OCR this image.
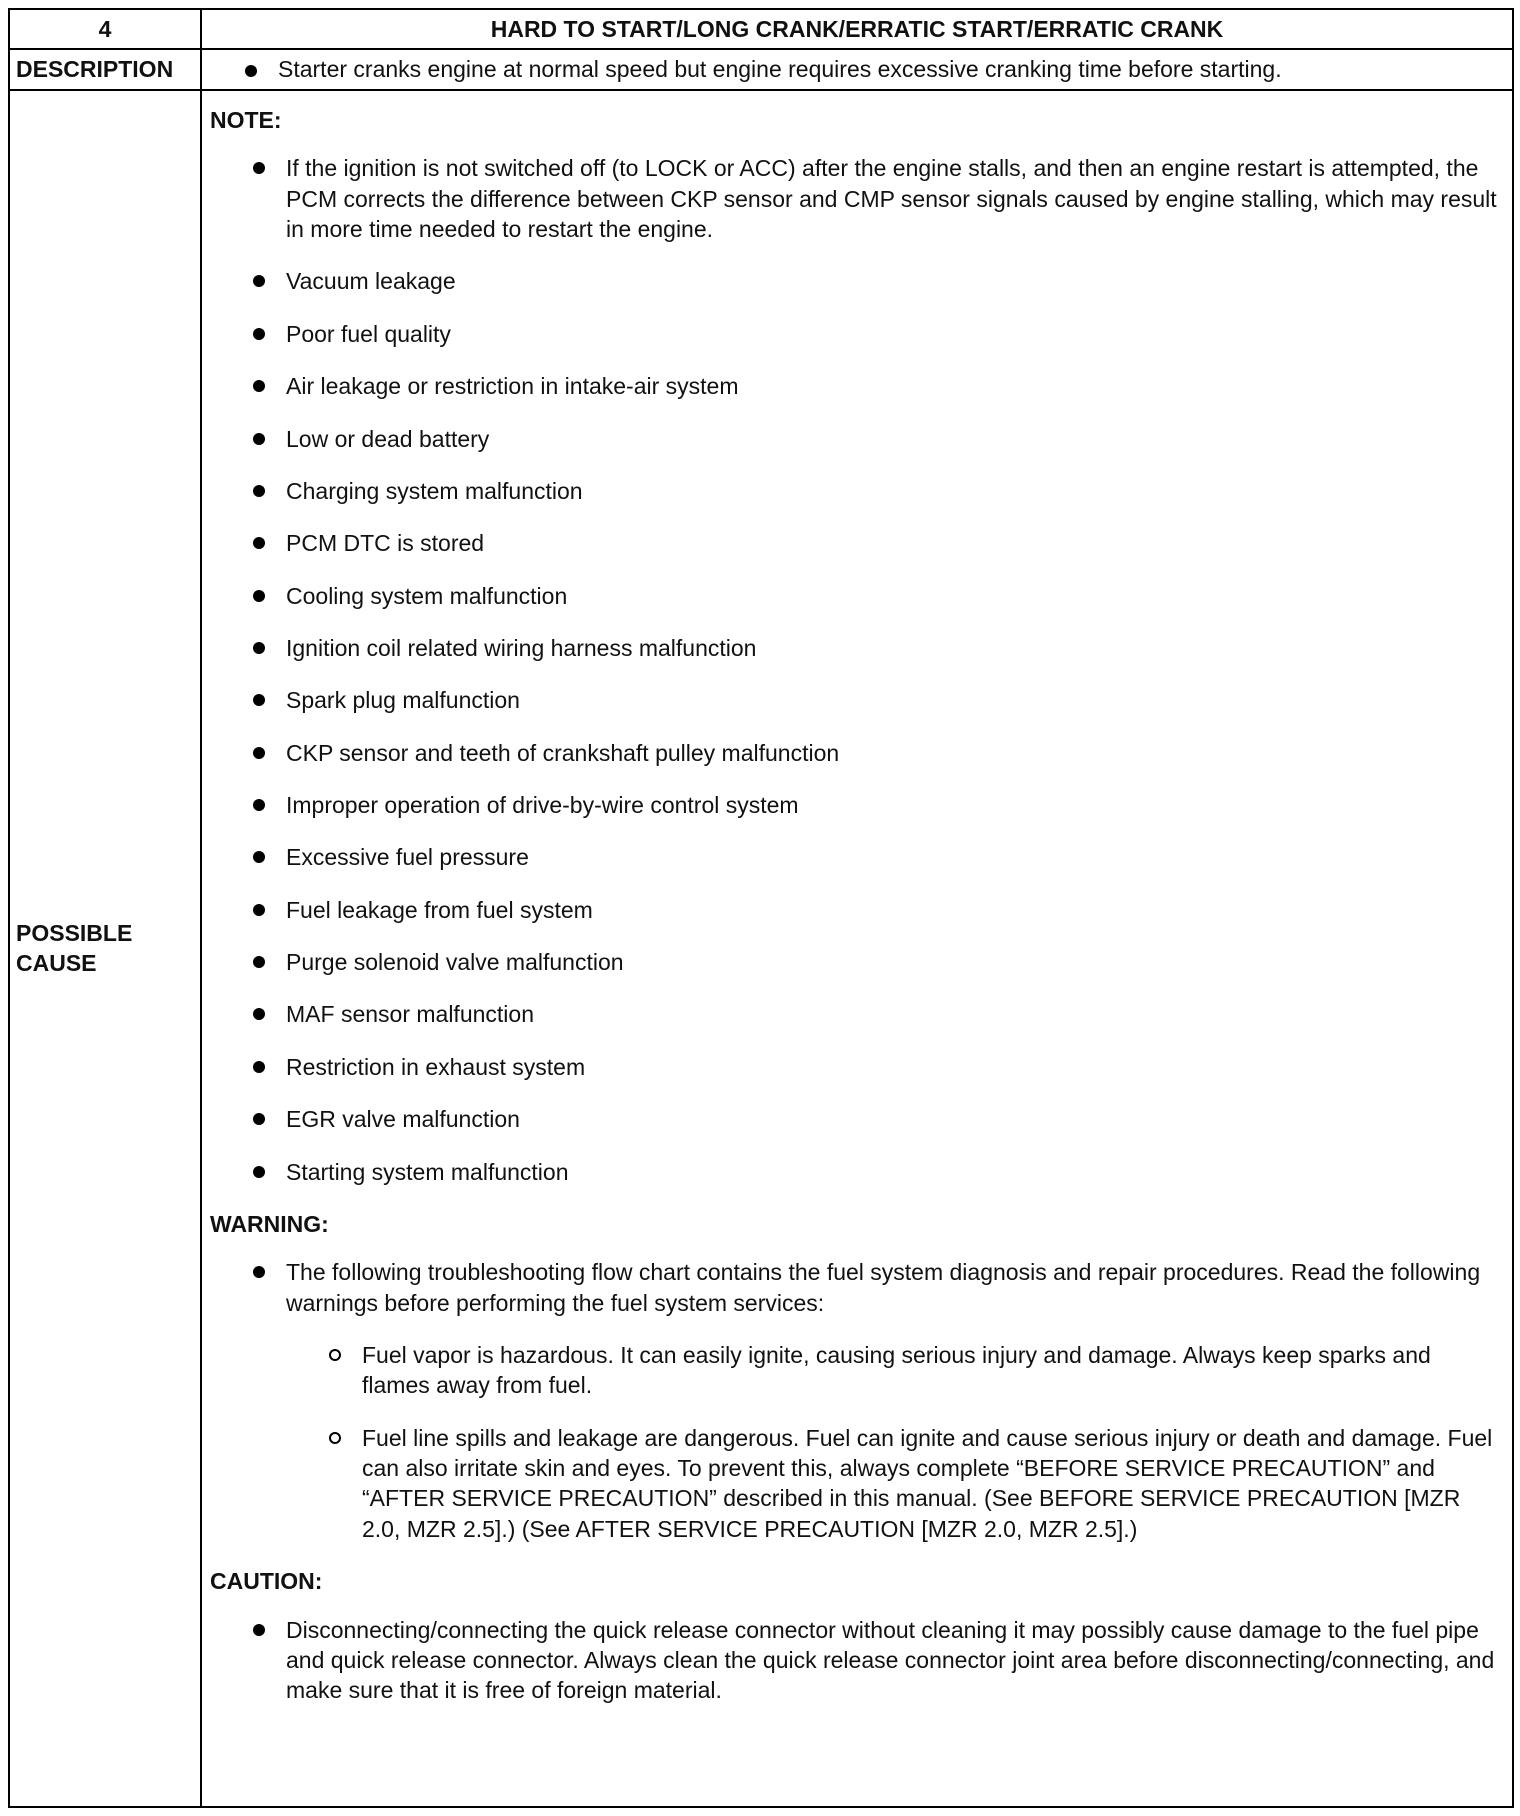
4	HARD TO START/LONG CRANK/ERRATIC START/ERRATIC CRANK
DESCRIPTION	Starter cranks engine at normal speed but engine requires excessive cranking time before starting.
POSSIBLE
CAUSE
NOTE:
If the ignition is not switched off (to LOCK or ACC) after the engine stalls, and then an engine restart is attempted, the PCM corrects the difference between CKP sensor and CMP sensor signals caused by engine stalling, which may result in more time needed to restart the engine.
Vacuum leakage
Poor fuel quality
Air leakage or restriction in intake-air system
Low or dead battery
Charging system malfunction
PCM DTC is stored
Cooling system malfunction
Ignition coil related wiring harness malfunction
Spark plug malfunction
CKP sensor and teeth of crankshaft pulley malfunction
Improper operation of drive-by-wire control system
Excessive fuel pressure
Fuel leakage from fuel system
Purge solenoid valve malfunction
MAF sensor malfunction
Restriction in exhaust system
EGR valve malfunction
Starting system malfunction
WARNING:
The following troubleshooting flow chart contains the fuel system diagnosis and repair procedures. Read the following warnings before performing the fuel system services:
Fuel vapor is hazardous. It can easily ignite, causing serious injury and damage. Always keep sparks and flames away from fuel.
Fuel line spills and leakage are dangerous. Fuel can ignite and cause serious injury or death and damage. Fuel can also irritate skin and eyes. To prevent this, always complete “BEFORE SERVICE PRECAUTION” and “AFTER SERVICE PRECAUTION” described in this manual. (See BEFORE SERVICE PRECAUTION [MZR 2.0, MZR 2.5].) (See AFTER SERVICE PRECAUTION [MZR 2.0, MZR 2.5].)
CAUTION:
Disconnecting/connecting the quick release connector without cleaning it may possibly cause damage to the fuel pipe and quick release connector. Always clean the quick release connector joint area before disconnecting/connecting, and make sure that it is free of foreign material.
